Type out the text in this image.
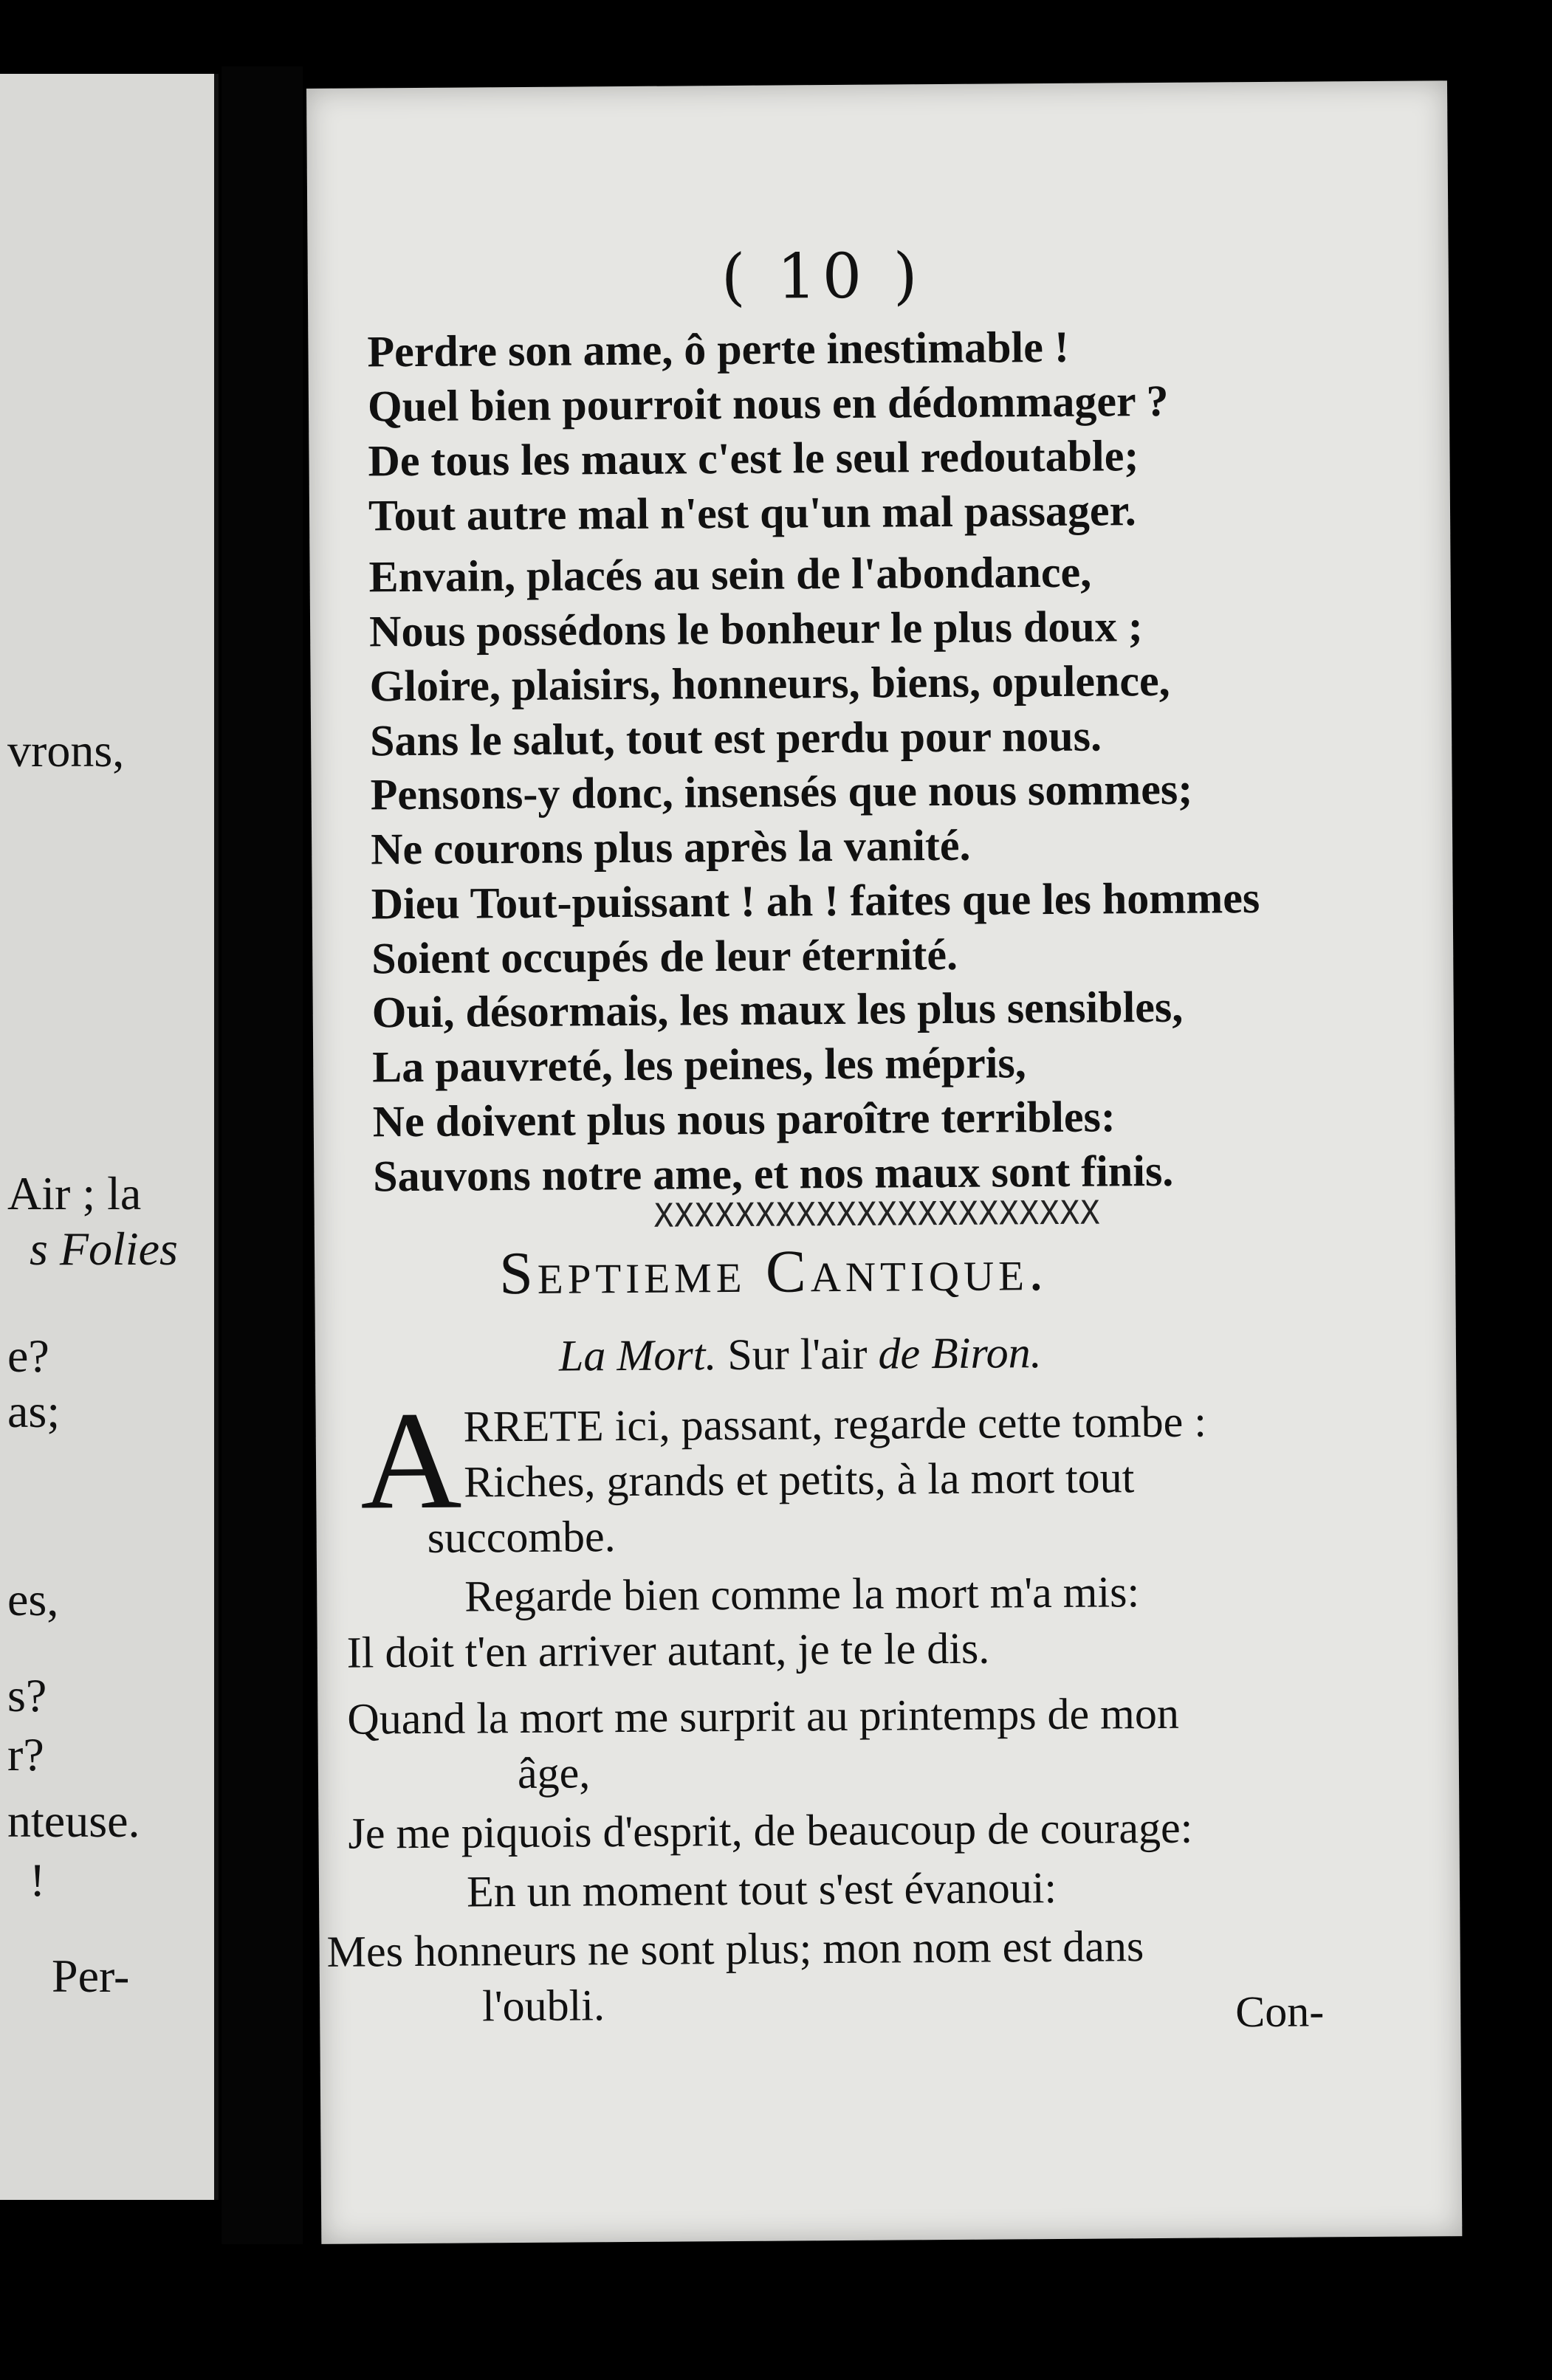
vrons,
Air ; la
s Folies
e?
as;
es,
s?
r?
nteuse.
!
Per-
( 10 )
Perdre son ame, ô perte inestimable !
Quel bien pourroit nous en dédommager ?
De tous les maux c'est le seul redoutable;
Tout autre mal n'est qu'un mal passager.
Envain, placés au sein de l'abondance,
Nous possédons le bonheur le plus doux ;
Gloire, plaisirs, honneurs, biens, opulence,
Sans le salut, tout est perdu pour nous.
Pensons-y donc, insensés que nous sommes;
Ne courons plus après la vanité.
Dieu Tout-puissant ! ah ! faites que les hommes
Soient occupés de leur éternité.
Oui, désormais, les maux les plus sensibles,
La pauvreté, les peines, les mépris,
Ne doivent plus nous paroître terribles:
Sauvons notre ame, et nos maux sont finis.
XXXXXXXXXXXXXXXXXXXXXX
Septieme Cantique.
La Mort. Sur l'air de Biron.
A RRETE ici, passant, regarde cette tombe :
Riches, grands et petits, à la mort tout
succombe.
Regarde bien comme la mort m'a mis:
Il doit t'en arriver autant, je te le dis.
Quand la mort me surprit au printemps de mon
âge,
Je me piquois d'esprit, de beaucoup de courage:
En un moment tout s'est évanoui:
Mes honneurs ne sont plus; mon nom est dans
l'oubli.	Con-
